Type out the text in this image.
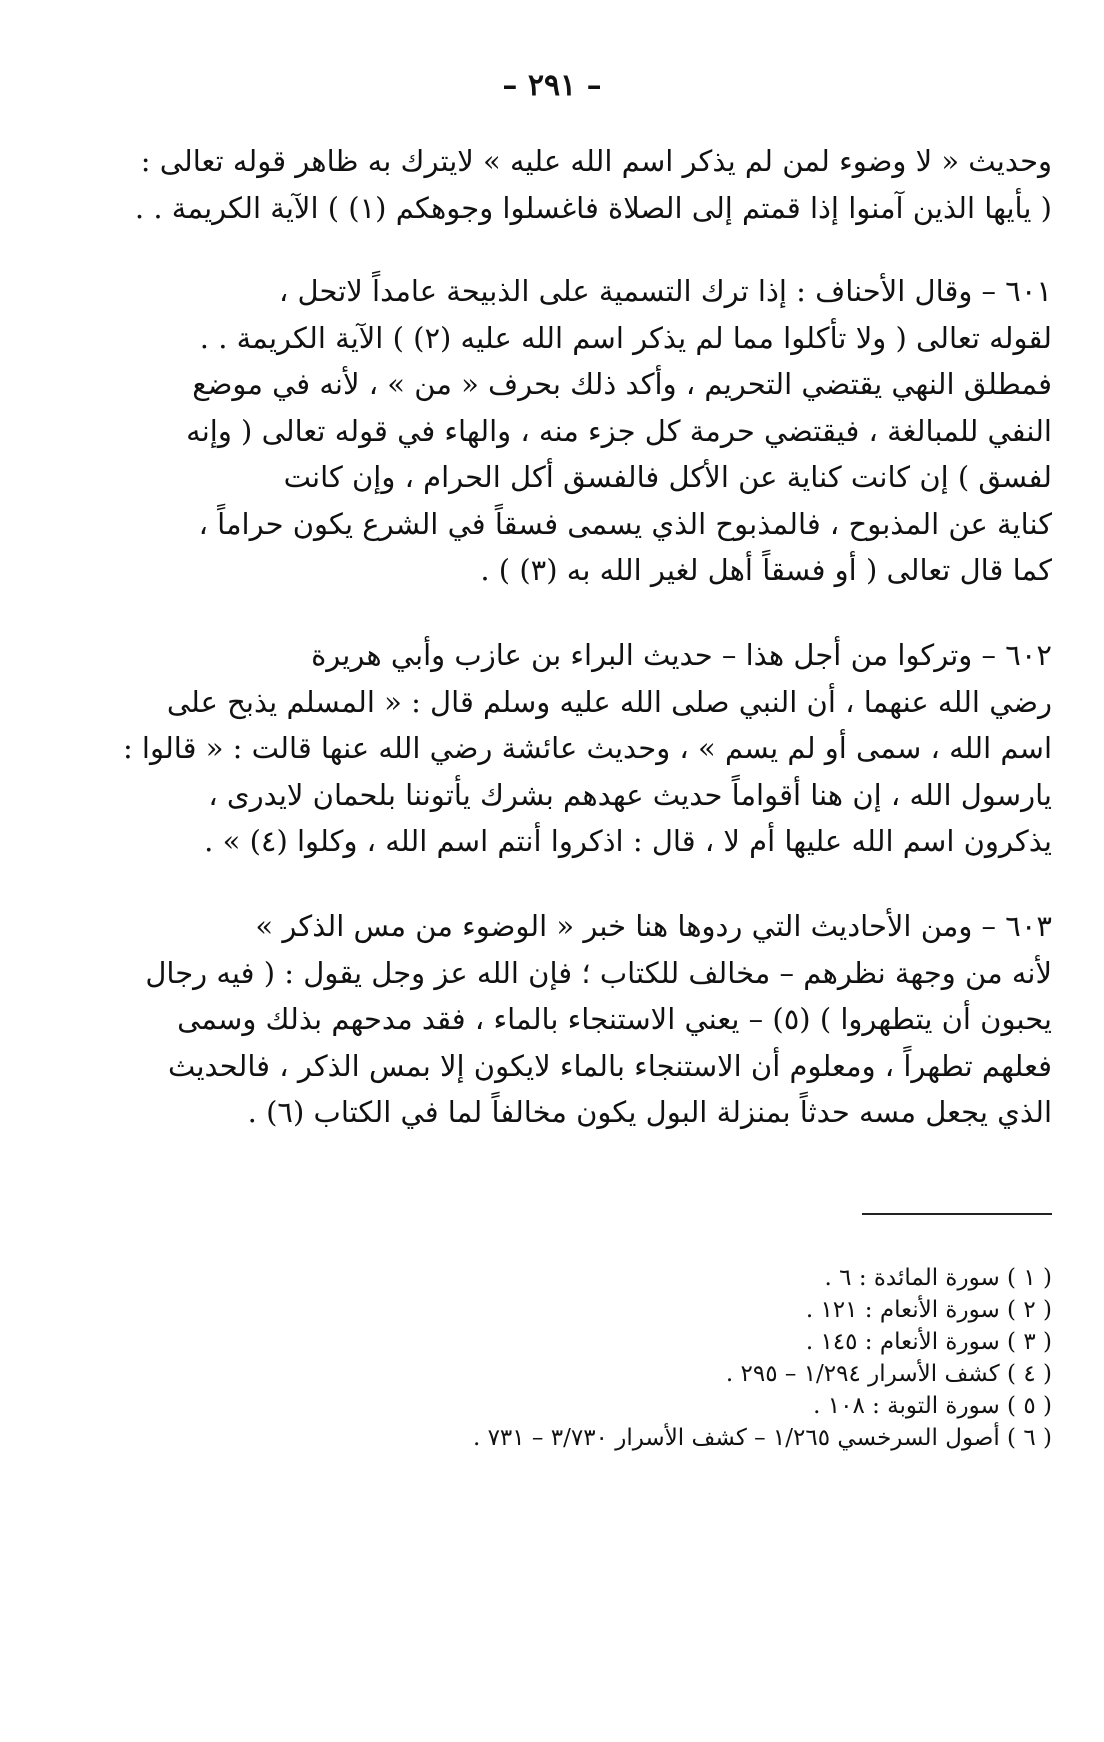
– ٢٩١ –
وحديث « لا وضوء لمن لم يذكر اسم الله عليه » لايترك به ظاهر قوله تعالى :
( يأيها الذين آمنوا إذا قمتم إلى الصلاة فاغسلوا وجوهكم (١) ) الآية الكريمة . .
٦٠١ – وقال الأحناف : إذا ترك التسمية على الذبيحة عامداً لاتحل ،
لقوله تعالى ( ولا تأكلوا مما لم يذكر اسم الله عليه (٢) ) الآية الكريمة . .
فمطلق النهي يقتضي التحريم ، وأكد ذلك بحرف « من » ، لأنه في موضع
النفي للمبالغة ، فيقتضي حرمة كل جزء منه ، والهاء في قوله تعالى ( وإنه
لفسق ) إن كانت كناية عن الأكل فالفسق أكل الحرام ، وإن كانت
كناية عن المذبوح ، فالمذبوح الذي يسمى فسقاً في الشرع يكون حراماً ،
كما قال تعالى ( أو فسقاً أهل لغير الله به (٣) ) .
٦٠٢ – وتركوا من أجل هذا – حديث البراء بن عازب وأبي هريرة
رضي الله عنهما ، أن النبي صلى الله عليه وسلم قال : « المسلم يذبح على
اسم الله ، سمى أو لم يسم » ، وحديث عائشة رضي الله عنها قالت : « قالوا :
يارسول الله ، إن هنا أقواماً حديث عهدهم بشرك يأتوننا بلحمان لايدرى ،
يذكرون اسم الله عليها أم لا ، قال : اذكروا أنتم اسم الله ، وكلوا (٤) » .
٦٠٣ – ومن الأحاديث التي ردوها هنا خبر « الوضوء من مس الذكر »
لأنه من وجهة نظرهم – مخالف للكتاب ؛ فإن الله عز وجل يقول : ( فيه رجال
يحبون أن يتطهروا ) (٥) – يعني الاستنجاء بالماء ، فقد مدحهم بذلك وسمى
فعلهم تطهراً ، ومعلوم أن الاستنجاء بالماء لايكون إلا بمس الذكر ، فالحديث
الذي يجعل مسه حدثاً بمنزلة البول يكون مخالفاً لما في الكتاب (٦) .
( ١ ) سورة المائدة : ٦ .
( ٢ ) سورة الأنعام : ١٢١ .
( ٣ ) سورة الأنعام : ١٤٥ .
( ٤ ) كشف الأسرار ١/٢٩٤ – ٢٩٥ .
( ٥ ) سورة التوبة : ١٠٨ .
( ٦ ) أصول السرخسي ١/٢٦٥ – كشف الأسرار ٣/٧٣٠ – ٧٣١ .
